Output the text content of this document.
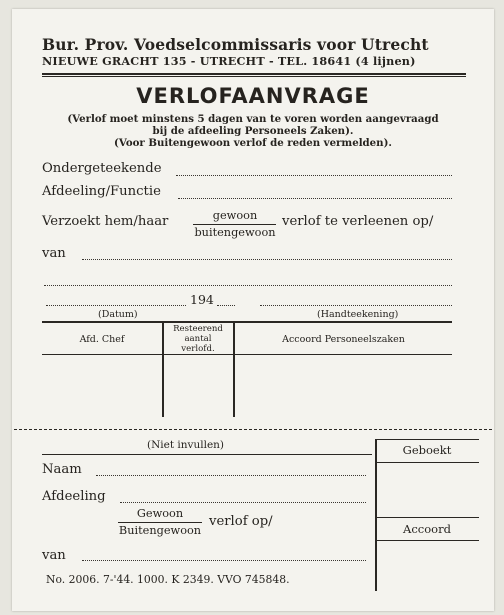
Bur. Prov. Voedselcommissaris voor Utrecht
NIEUWE GRACHT 135 - UTRECHT - TEL. 18641 (4 lijnen)
VERLOFAANVRAGE
(Verlof moet minstens 5 dagen van te voren worden aangevraagd
bij de afdeeling Personeels Zaken).
(Voor Buitengewoon verlof de reden vermelden).
Ondergeteekende
Afdeeling/Functie
Verzoekt hem/haar	gewoon
buitengewoon
verlof te verleenen op/
van
194
(Datum)	(Handteekening)
Afd. Chef
Resteerend
aantal
verlofd.
Accoord Personeelszaken
(Niet invullen)
Naam
Afdeeling
Gewoon
Buitengewoon
verlof op/
van
Geboekt
Accoord
No. 2006. 7-'44. 1000. K 2349. VVO 745848.
